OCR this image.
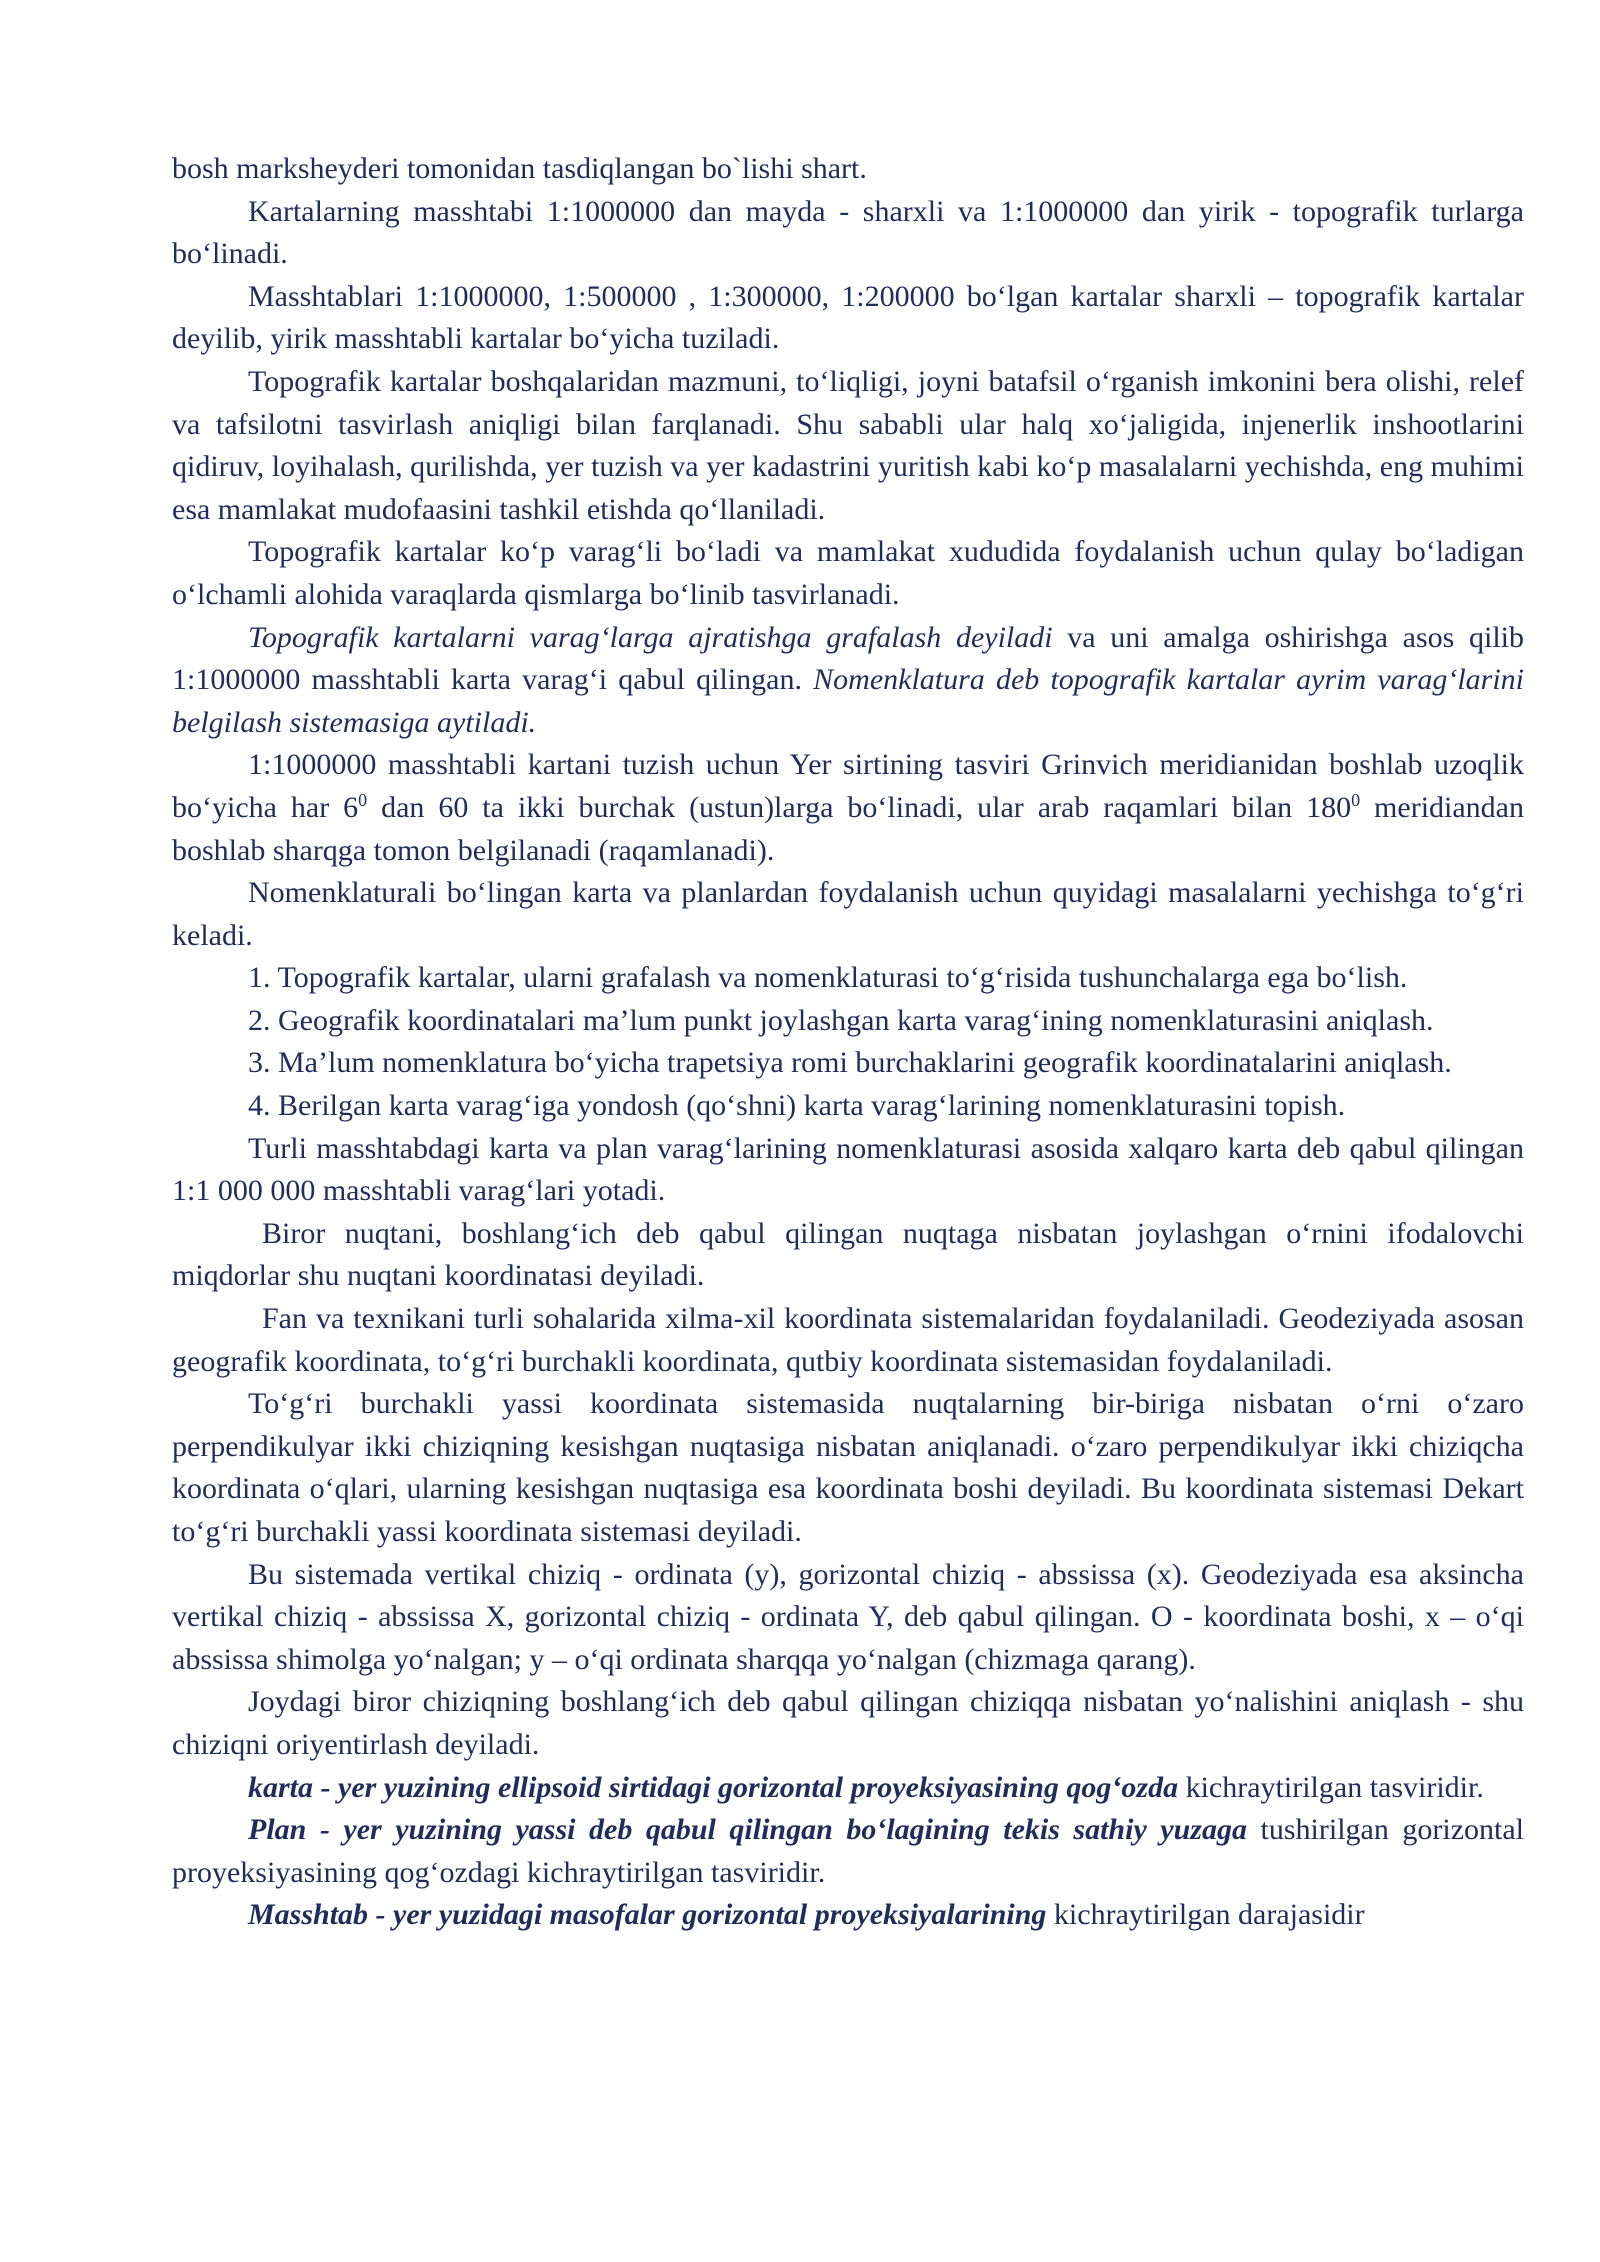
bosh marksheyderi tomonidan tasdiqlangan bo`lishi shart.

Kartalarning masshtabi 1:1000000 dan mayda - sharxli va 1:1000000 dan yirik - topografik turlarga bo‘linadi.

Masshtablari 1:1000000, 1:500000 , 1:300000, 1:200000 bo‘lgan kartalar sharxli – topografik kartalar deyilib, yirik masshtabli kartalar bo‘yicha tuziladi.

Topografik kartalar boshqalaridan mazmuni, to‘liqligi, joyni batafsil o‘rganish imkonini bera olishi, relef va tafsilotni tasvirlash aniqligi bilan farqlanadi. Shu sababli ular halq xo‘jaligida, injenerlik inshootlarini qidiruv, loyihalash, qurilishda, yer tuzish va yer kadastrini yuritish kabi ko‘p masalalarni yechishda, eng muhimi esa mamlakat mudofaasini tashkil etishda qo‘llaniladi.

Topografik kartalar ko‘p varag‘li bo‘ladi va mamlakat xududida foydalanish uchun qulay bo‘ladigan o‘lchamli alohida varaqlarda qismlarga bo‘linib tasvirlanadi.

Topografik kartalarni varag‘larga ajratishga grafalash deyiladi va uni amalga oshirishga asos qilib 1:1000000 masshtabli karta varag‘i qabul qilingan. Nomenklatura deb topografik kartalar ayrim varag‘larini belgilash sistemasiga aytiladi.

1:1000000 masshtabli kartani tuzish uchun Yer sirtining tasviri Grinvich meridianidan boshlab uzoqlik bo‘yicha har $6^0$ dan 60 ta ikki burchak (ustun)larga bo‘linadi, ular arab raqamlari bilan $180^0$ meridiandan boshlab sharqga tomon belgilanadi (raqamlanadi).

Nomenklaturali bo‘lingan karta va planlardan foydalanish uchun quyidagi masalalarni yechishga to‘g‘ri keladi.

1. Topografik kartalar, ularni grafalash va nomenklaturasi to‘g‘risida tushunchalarga ega bo‘lish.

2. Geografik koordinatalari ma’lum punkt joylashgan karta varag‘ining nomenklaturasini aniqlash.

3. Ma’lum nomenklatura bo‘yicha trapetsiya romi burchaklarini geografik koordinatalarini aniqlash.

4. Berilgan karta varag‘iga yondosh (qo‘shni) karta varag‘larining nomenklaturasini topish.

Turli masshtabdagi karta va plan varag‘larining nomenklaturasi asosida xalqaro karta deb qabul qilingan 1:1 000 000 masshtabli varag‘lari yotadi.

Biror nuqtani, boshlang‘ich deb qabul qilingan nuqtaga nisbatan joylashgan o‘rnini ifodalovchi miqdorlar shu nuqtani koordinatasi deyiladi.

Fan va texnikani turli sohalarida xilma-xil koordinata sistemalaridan foydalaniladi. Geodeziyada asosan geografik koordinata, to‘g‘ri burchakli koordinata, qutbiy koordinata sistemasidan foydalaniladi.

To‘g‘ri burchakli yassi koordinata sistemasida nuqtalarning bir-biriga nisbatan o‘rni o‘zaro perpendikulyar ikki chiziqning kesishgan nuqtasiga nisbatan aniqlanadi. o‘zaro perpendikulyar ikki chiziqcha koordinata o‘qlari, ularning kesishgan nuqtasiga esa koordinata boshi deyiladi. Bu koordinata sistemasi Dekart to‘g‘ri burchakli yassi koordinata sistemasi deyiladi.

Bu sistemada vertikal chiziq - ordinata (y), gorizontal chiziq - abssissa (x). Geodeziyada esa aksincha vertikal chiziq - abssissa X, gorizontal chiziq - ordinata Y, deb qabul qilingan. O - koordinata boshi, x – o‘qi abssissa shimolga yo‘nalgan; y – o‘qi ordinata sharqqa yo‘nalgan (chizmaga qarang).

Joydagi biror chiziqning boshlang‘ich deb qabul qilingan chiziqqa nisbatan yo‘nalishini aniqlash - shu chiziqni oriyentirlash deyiladi.

karta - yer yuzining ellipsoid sirtidagi gorizontal proyeksiyasining qog‘ozda kichraytirilgan tasviridir.

Plan - yer yuzining yassi deb qabul qilingan bo‘lagining tekis sathiy yuzaga tushirilgan gorizontal proyeksiyasining qog‘ozdagi kichraytirilgan tasviridir.

Masshtab - yer yuzidagi masofalar gorizontal proyeksiyalarining kichraytirilgan darajasidir
